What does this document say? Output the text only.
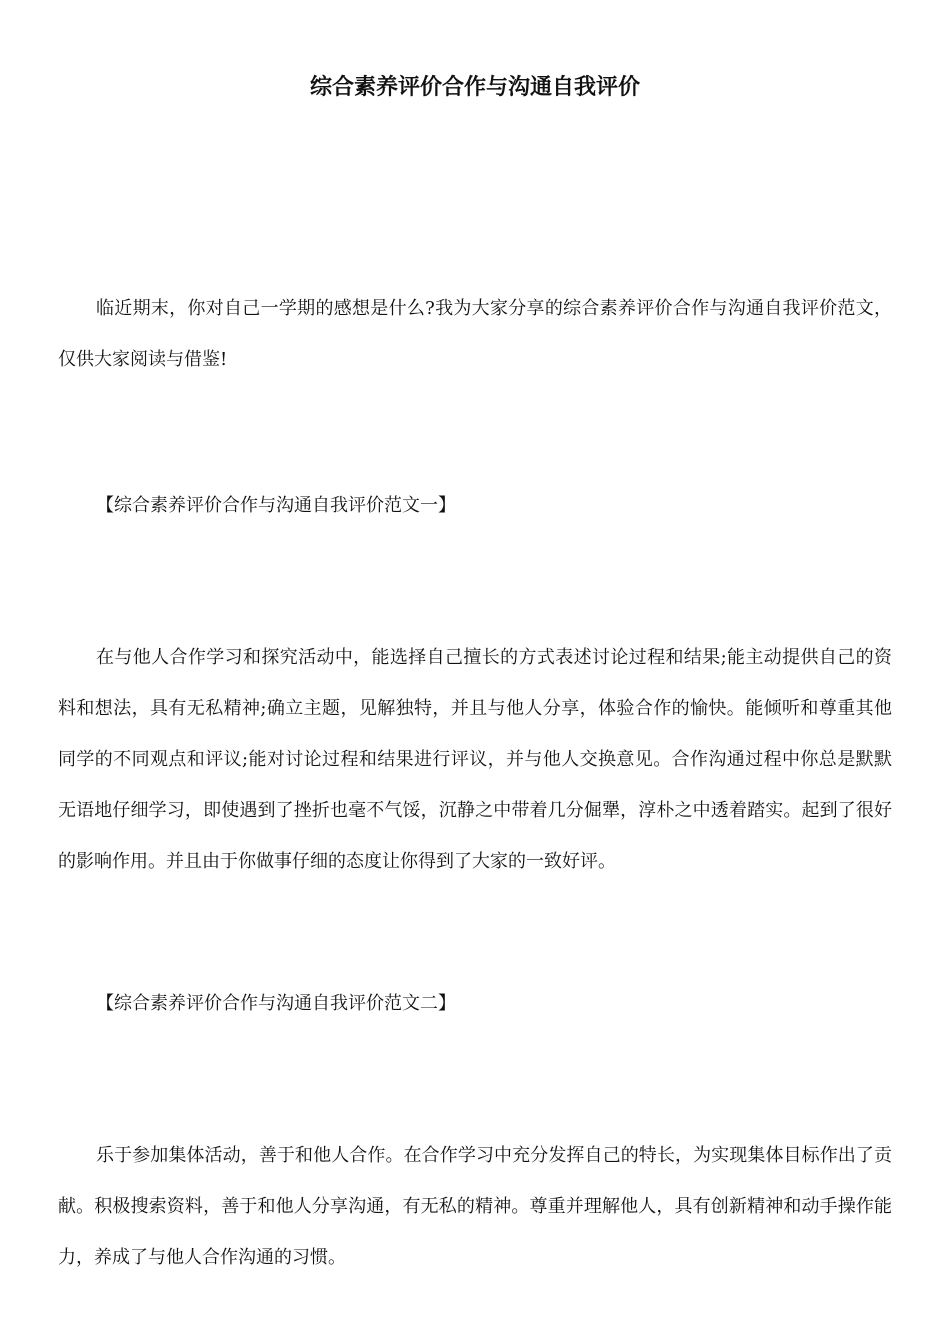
综合素养评价合作与沟通自我评价

临近期末，你对自己一学期的感想是什么?我为大家分享的综合素养评价合作与沟通自我评价范文，仅供大家阅读与借鉴!

【综合素养评价合作与沟通自我评价范文一】

在与他人合作学习和探究活动中，能选择自己擅长的方式表述讨论过程和结果;能主动提供自己的资料和想法，具有无私精神;确立主题，见解独特，并且与他人分享，体验合作的愉快。能倾听和尊重其他同学的不同观点和评议;能对讨论过程和结果进行评议，并与他人交换意见。合作沟通过程中你总是默默无语地仔细学习，即使遇到了挫折也毫不气馁，沉静之中带着几分倔犟，淳朴之中透着踏实。起到了很好的影响作用。并且由于你做事仔细的态度让你得到了大家的一致好评。

【综合素养评价合作与沟通自我评价范文二】

乐于参加集体活动，善于和他人合作。在合作学习中充分发挥自己的特长，为实现集体目标作出了贡献。积极搜索资料，善于和他人分享沟通，有无私的精神。尊重并理解他人，具有创新精神和动手操作能力，养成了与他人合作沟通的习惯。
